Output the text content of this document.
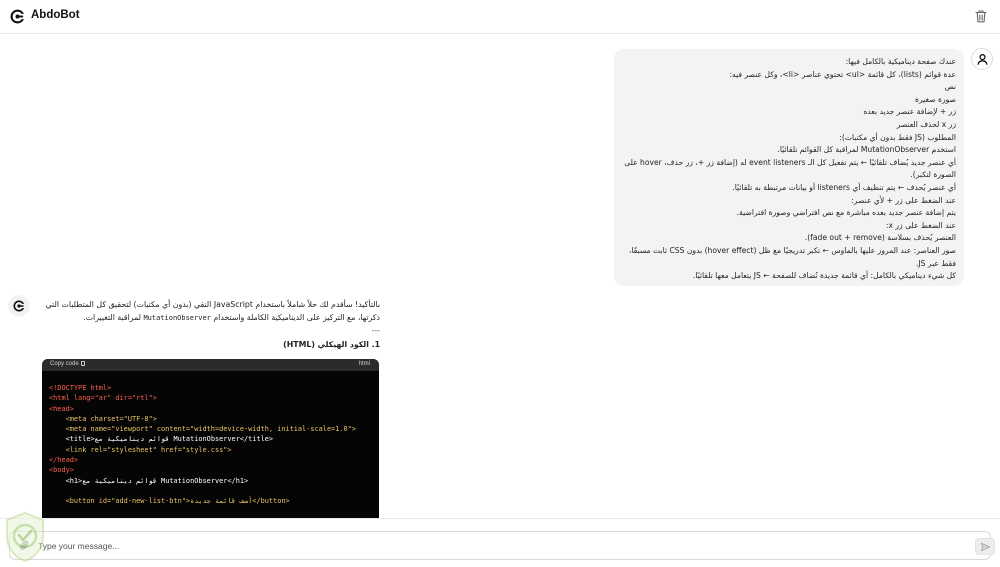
AbdoBot
عندك صفحة ديناميكية بالكامل فيها:
عدة قوائم (lists)، كل قائمة <ul> تحتوي عناصر <li>، وكل عنصر فيه:
نص
صورة صغيرة
زر + لإضافة عنصر جديد بعده
زر x لحذف العنصر
المطلوب (JS فقط بدون أي مكتبات):
استخدم MutationObserver لمراقبة كل القوائم تلقائيًا.
أي عنصر جديد يُضاف تلقائيًا ← يتم تفعيل كل الـ event listeners له (إضافة زر +، زر حذف، hover على الصورة لتكبر).
أي عنصر يُحذف ← يتم تنظيف أي listeners أو بيانات مرتبطة به تلقائيًا.
عند الضغط على زر + لأي عنصر:
يتم إضافة عنصر جديد بعده مباشرة مع نص افتراضي وصورة افتراضية.
عند الضغط على زر x:
العنصر يُحذف بسلاسة (fade out + remove).
صور العناصر: عند المرور عليها بالماوس ← تكبر تدريجيًا مع ظل (hover effect) بدون CSS ثابت مسبقًا، فقط عبر JS.
كل شيء ديناميكي بالكامل: أي قائمة جديدة تُضاف للصفحة ← JS يتعامل معها تلقائيًا.
بالتأكيد! سأقدم لك حلاً شاملاً باستخدام JavaScript النقي (بدون أي مكتبات) لتحقيق كل المتطلبات التي ذكرتها، مع التركيز على الديناميكية الكاملة واستخدام MutationObserver لمراقبة التغييرات.
---
1. الكود الهيكلي (HTML)
Copy code	html
<!DOCTYPE html>
<html lang="ar" dir="rtl">
<head>
<meta charset="UTF-8">
<meta name="viewport" content="width=device-width, initial-scale=1.0">
<title>قوائم ديناميكية مع MutationObserver</title>
<link rel="stylesheet" href="style.css">
</head>
<body>
<h1>قوائم ديناميكية مع MutationObserver</h1>

<button id="add-new-list-btn">أضف قائمة جديدة</button>
Type your message...
